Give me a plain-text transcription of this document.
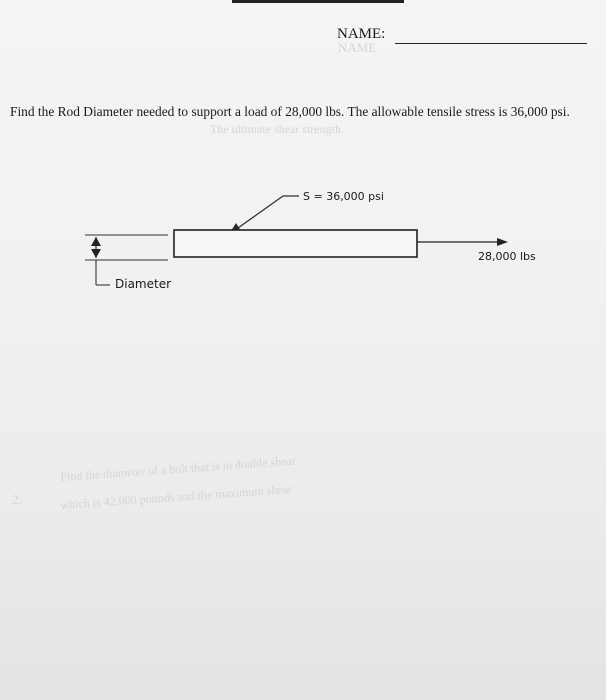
NAME
NAME:
The ultimate shear strength
Find the Rod Diameter needed to support a load of 28,000 lbs. The allowable tensile stress is 36,000 psi.
S = 36,000 psi
28,000 lbs
Diameter
2.
Find the diameter of a bolt that is in double shear
which is 42,000 pounds and the maximum shear
